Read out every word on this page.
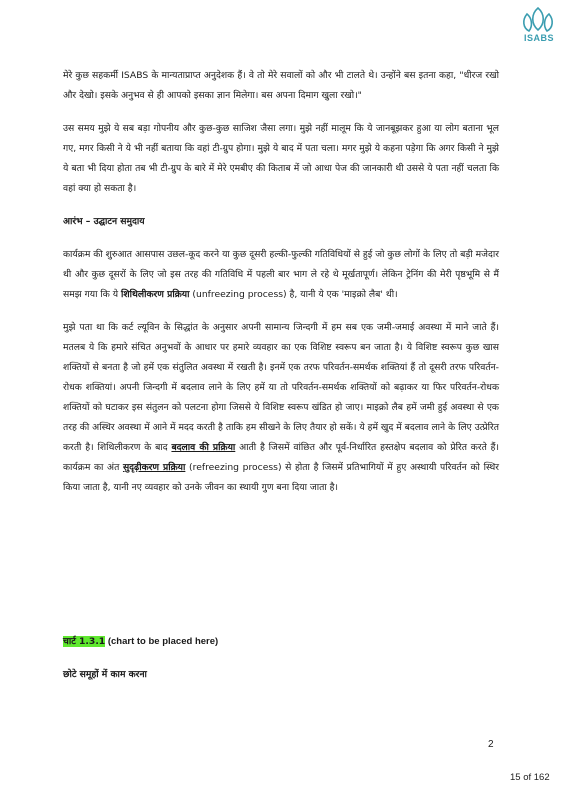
ISABS

मेरे कुछ सहकर्मी ISABS के मान्यताप्राप्त अनुदेशक हैं। वे तो मेरे सवालों को और भी टालते थे। उन्होंने बस इतना कहा, "धीरज रखो और देखो। इसके अनुभव से ही आपको इसका ज्ञान मिलेगा। बस अपना दिमाग खुला रखो।"

उस समय मुझे ये सब बड़ा गोपनीय और कुछ-कुछ साजिश जैसा लगा। मुझे नहीं मालूम कि ये जानबूझकर हुआ या लोग बताना भूल गए, मगर किसी ने ये भी नहीं बताया कि वहां टी-ग्रुप होगा। मुझे ये बाद में पता चला। मगर मुझे ये कहना पड़ेगा कि अगर किसी ने मुझे ये बता भी दिया होता तब भी टी-ग्रुप के बारे में मेरे एमबीए की किताब में जो आधा पेज की जानकारी थी उससे ये पता नहीं चलता कि वहां क्या हो सकता है।

आरंभ – उद्घाटन समुदाय

कार्यक्रम की शुरुआत आसपास उछल-कूद करने या कुछ दूसरी हल्की-फुल्की गतिविधियों से हुई जो कुछ लोगों के लिए तो बड़ी मजेदार थी और कुछ दूसरों के लिए जो इस तरह की गतिविधि में पहली बार भाग ले रहे थे मूर्खतापूर्ण। लेकिन ट्रेनिंग की मेरी पृष्ठभूमि से मैं समझ गया कि ये शिथिलीकरण प्रक्रिया (unfreezing process) है, यानी ये एक 'माइक्रो लैब' थी।

मुझे पता था कि कर्ट ल्यूविन के सिद्धांत के अनुसार अपनी सामान्य जिन्दगी में हम सब एक जमी-जमाई अवस्था में माने जाते हैं। मतलब ये कि हमारे संचित अनुभवों के आधार पर हमारे व्यवहार का एक विशिष्ट स्वरूप बन जाता है। ये विशिष्ट स्वरूप कुछ खास शक्तियों से बनता है जो हमें एक संतुलित अवस्था में रखती है। इनमें एक तरफ परिवर्तन-समर्थक शक्तियां हैं तो दूसरी तरफ परिवर्तन-रोधक शक्तियां। अपनी जिन्दगी में बदलाव लाने के लिए हमें या तो परिवर्तन-समर्थक शक्तियों को बढ़ाकर या फिर परिवर्तन-रोधक शक्तियों को घटाकर इस संतुलन को पलटना होगा जिससे ये विशिष्ट स्वरूप खंडित हो जाए। माइक्रो लैब हमें जमी हुई अवस्था से एक तरह की अस्थिर अवस्था में आने में मदद करती है ताकि हम सीखने के लिए तैयार हो सकें। ये हमें खुद में बदलाव लाने के लिए उत्प्रेरित करती है। शिथिलीकरण के बाद बदलाव की प्रक्रिया आती है जिसमें वांछित और पूर्व-निर्धारित हस्तक्षेप बदलाव को प्रेरित करते हैं। कार्यक्रम का अंत सुदृढ़ीकरण प्रक्रिया (refreezing process) से होता है जिसमें प्रतिभागियों में हुए अस्थायी परिवर्तन को स्थिर किया जाता है, यानी नए व्यवहार को उनके जीवन का स्थायी गुण बना दिया जाता है।

चार्ट 1.3.1 (chart to be placed here)
छोटे समूहों में काम करना
2
15 of 162
